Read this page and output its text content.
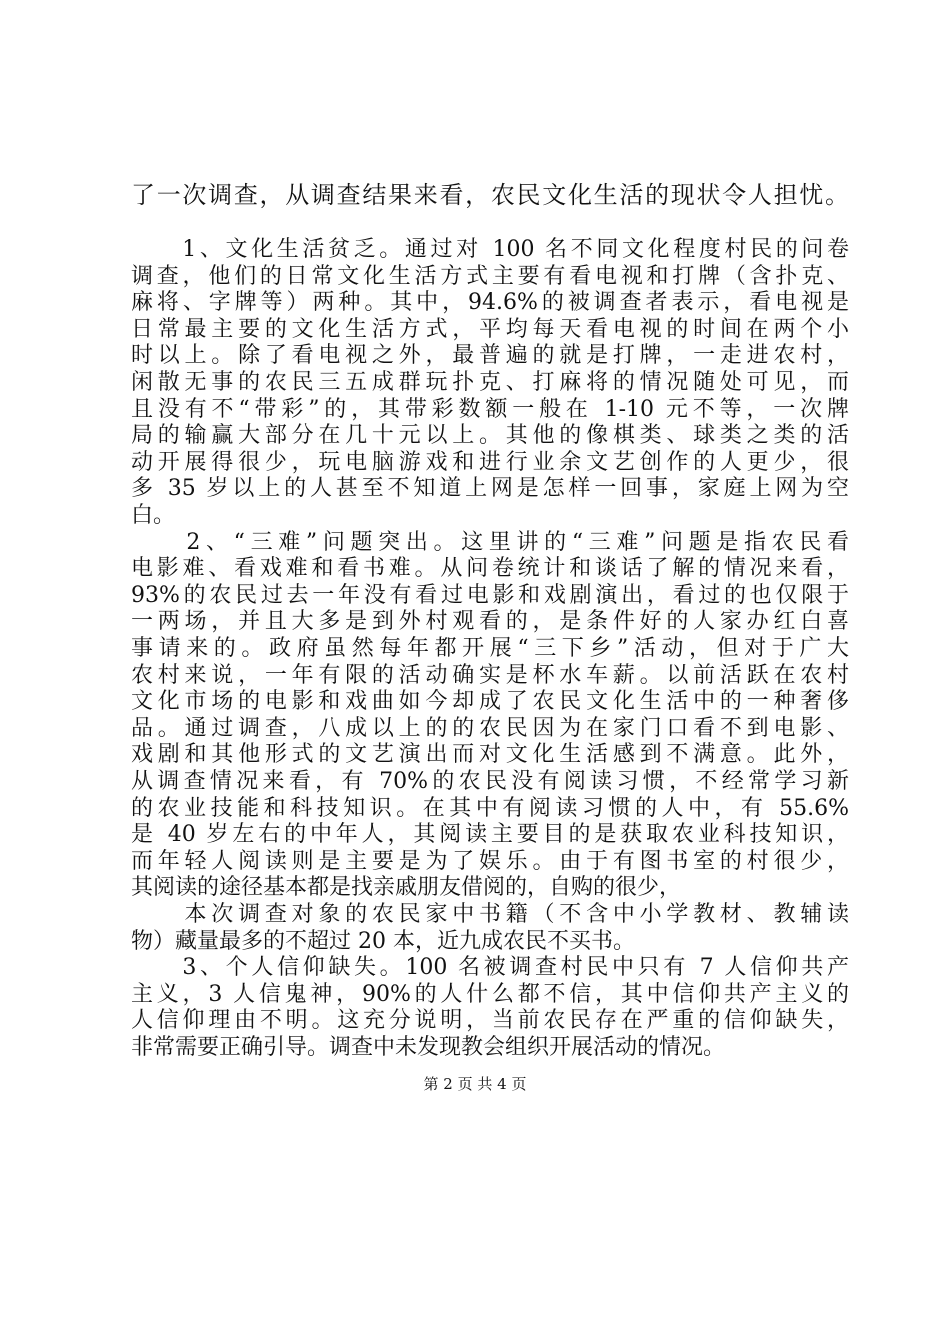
了一次调查，从调查结果来看，农民文化生活的现状令人担忧。
　　1、文化生活贫乏。通过对 100 名不同文化程度村民的问卷
调查，他们的日常文化生活方式主要有看电视和打牌（含扑克、
麻将、字牌等）两种。其中，94.6%的被调查者表示，看电视是
日常最主要的文化生活方式，平均每天看电视的时间在两个小
时以上。除了看电视之外，最普遍的就是打牌，一走进农村，
闲散无事的农民三五成群玩扑克、打麻将的情况随处可见，而
且没有不“带彩”的，其带彩数额一般在 1-10 元不等，一次牌
局的输赢大部分在几十元以上。其他的像棋类、球类之类的活
动开展得很少，玩电脑游戏和进行业余文艺创作的人更少，很
多 35 岁以上的人甚至不知道上网是怎样一回事，家庭上网为空
白。
　　2、“三难”问题突出。这里讲的“三难”问题是指农民看
电影难、看戏难和看书难。从问卷统计和谈话了解的情况来看，
93%的农民过去一年没有看过电影和戏剧演出，看过的也仅限于
一两场，并且大多是到外村观看的，是条件好的人家办红白喜
事请来的。政府虽然每年都开展“三下乡”活动，但对于广大
农村来说，一年有限的活动确实是杯水车薪。以前活跃在农村
文化市场的电影和戏曲如今却成了农民文化生活中的一种奢侈
品。通过调查，八成以上的的农民因为在家门口看不到电影、
戏剧和其他形式的文艺演出而对文化生活感到不满意。此外，
从调查情况来看，有 70%的农民没有阅读习惯，不经常学习新
的农业技能和科技知识。在其中有阅读习惯的人中，有 55.6%
是 40 岁左右的中年人，其阅读主要目的是获取农业科技知识，
而年轻人阅读则是主要是为了娱乐。由于有图书室的村很少，
其阅读的途径基本都是找亲戚朋友借阅的，自购的很少，
　　本次调查对象的农民家中书籍（不含中小学教材、教辅读
物）藏量最多的不超过 20 本，近九成农民不买书。
　　3、个人信仰缺失。100 名被调查村民中只有 7 人信仰共产
主义，3 人信鬼神，90%的人什么都不信，其中信仰共产主义的
人信仰理由不明。这充分说明，当前农民存在严重的信仰缺失，
非常需要正确引导。调查中未发现教会组织开展活动的情况。
第 2 页 共 4 页
